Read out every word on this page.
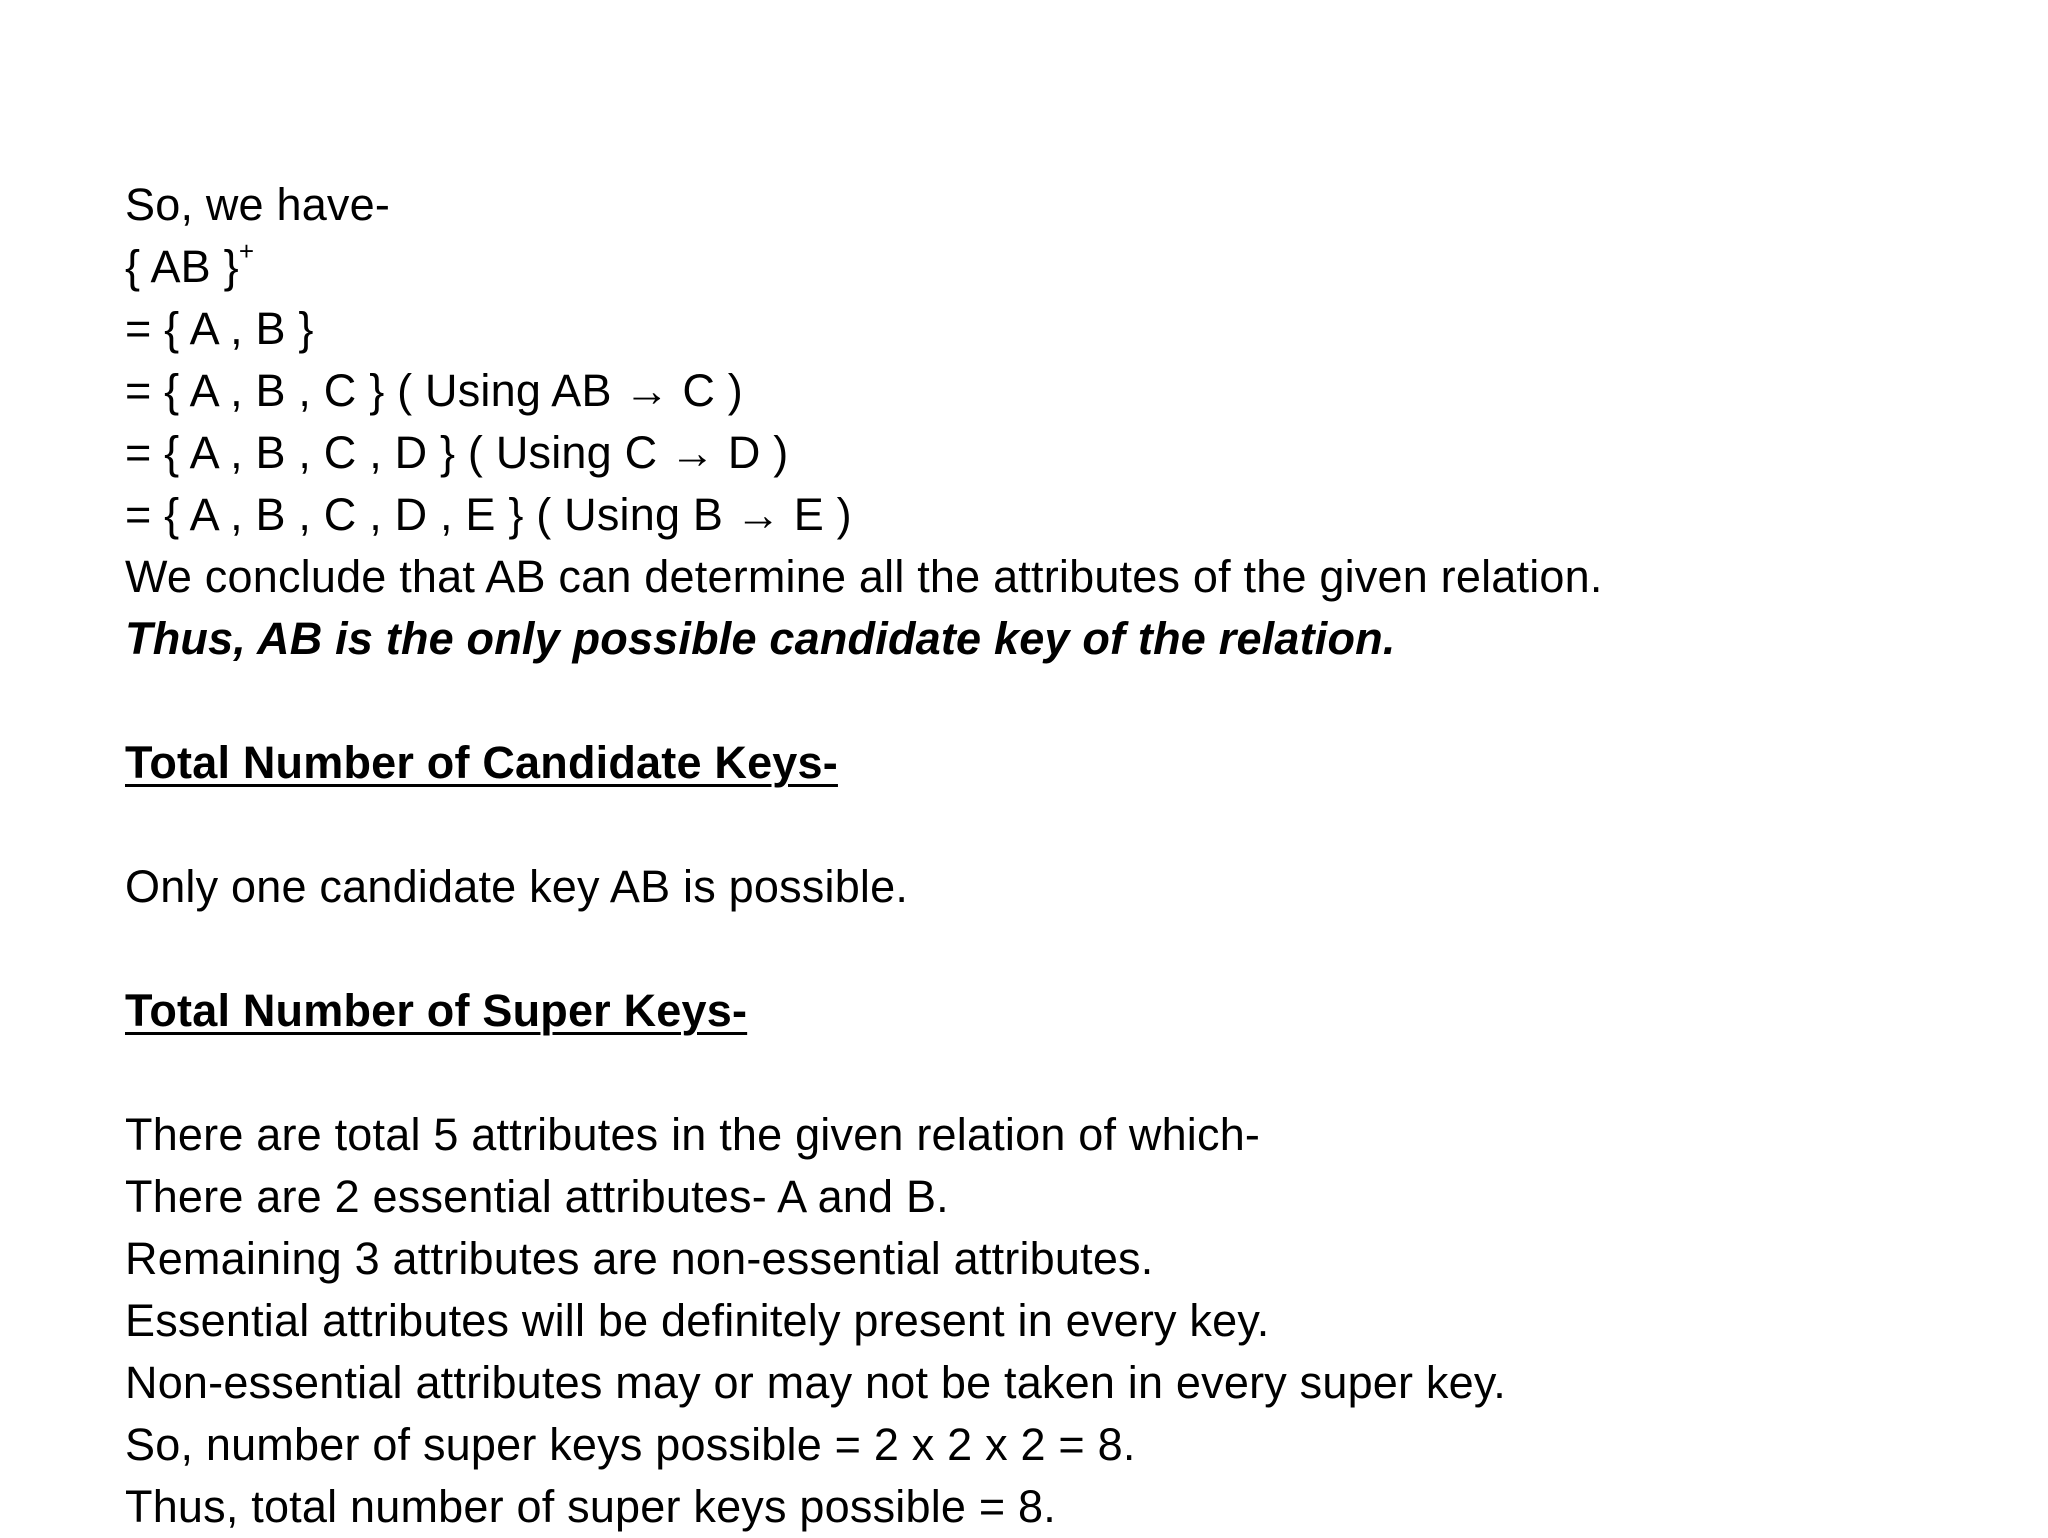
So, we have-
{ AB }+
= { A , B }
= { A , B , C } ( Using AB → C )
= { A , B , C , D } ( Using C → D )
= { A , B , C , D , E } ( Using B → E )
We conclude that AB can determine all the attributes of the given relation.
Thus, AB is the only possible candidate key of the relation.
Total Number of Candidate Keys-
Only one candidate key AB is possible.
Total Number of Super Keys-
There are total 5 attributes in the given relation of which-
There are 2 essential attributes- A and B.
Remaining 3 attributes are non-essential attributes.
Essential attributes will be definitely present in every key.
Non-essential attributes may or may not be taken in every super key.
So, number of super keys possible = 2 x 2 x 2 = 8.
Thus, total number of super keys possible = 8.
